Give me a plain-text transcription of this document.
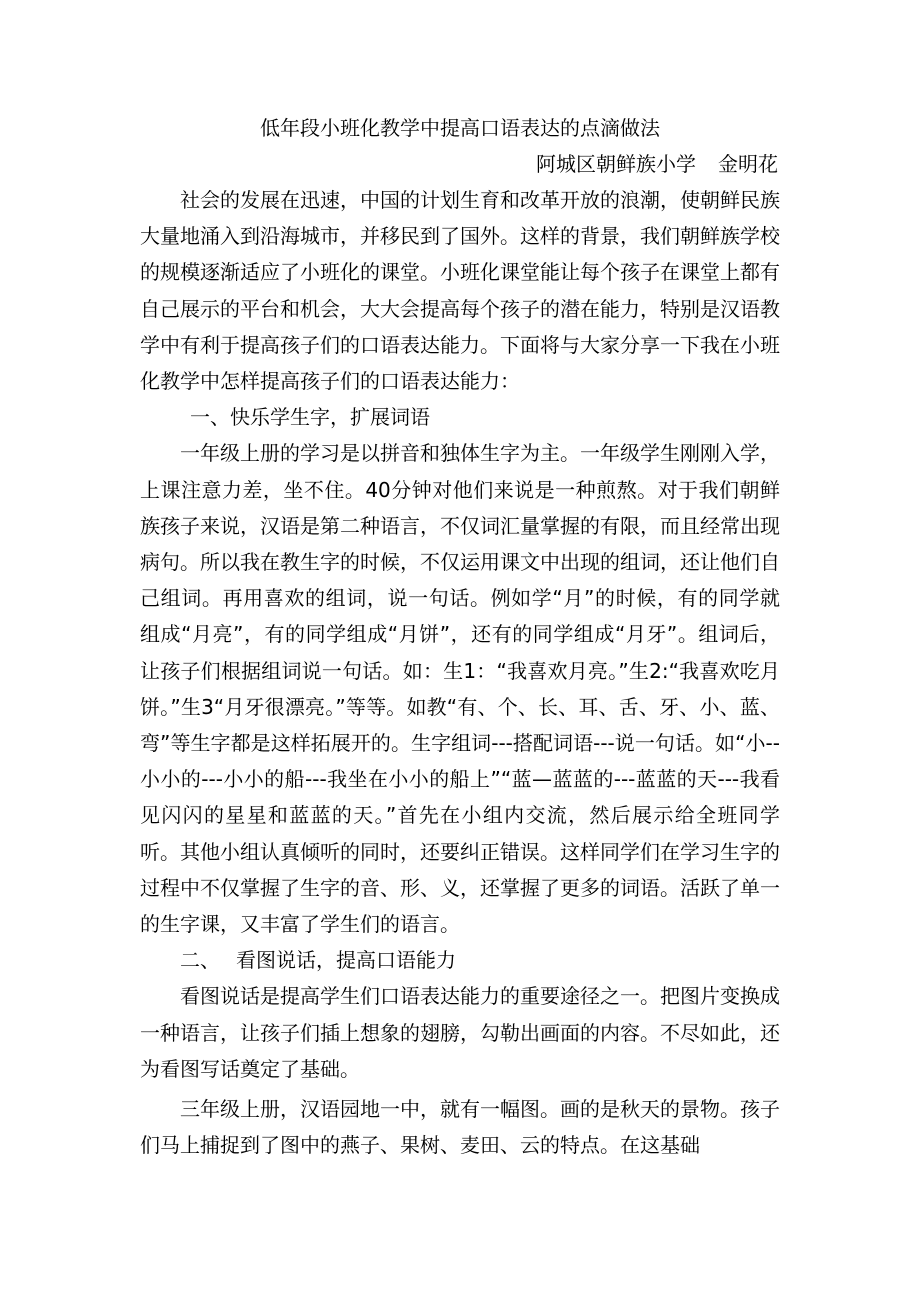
低年段小班化教学中提高口语表达的点滴做法
阿城区朝鲜族小学 金明花

社会的发展在迅速，中国的计划生育和改革开放的浪潮，使朝鲜民族大量地涌入到沿海城市，并移民到了国外。这样的背景，我们朝鲜族学校的规模逐渐适应了小班化的课堂。小班化课堂能让每个孩子在课堂上都有自己展示的平台和机会，大大会提高每个孩子的潜在能力，特别是汉语教学中有利于提高孩子们的口语表达能力。下面将与大家分享一下我在小班化教学中怎样提高孩子们的口语表达能力：

一、快乐学生字，扩展词语

一年级上册的学习是以拼音和独体生字为主。一年级学生刚刚入学，上课注意力差，坐不住。40分钟对他们来说是一种煎熬。对于我们朝鲜族孩子来说，汉语是第二种语言，不仅词汇量掌握的有限，而且经常出现病句。所以我在教生字的时候，不仅运用课文中出现的组词，还让他们自己组词。再用喜欢的组词，说一句话。例如学“月”的时候，有的同学就组成“月亮”，有的同学组成“月饼”，还有的同学组成“月牙”。组词后，让孩子们根据组词说一句话。如：生1：“我喜欢月亮。”生2:“我喜欢吃月饼。”生3“月牙很漂亮。”等等。如教“有、个、长、耳、舌、牙、小、蓝、弯”等生字都是这样拓展开的。生字组词---搭配词语---说一句话。如“小--小小的---小小的船---我坐在小小的船上”“蓝—蓝蓝的---蓝蓝的天---我看见闪闪的星星和蓝蓝的天。”首先在小组内交流，然后展示给全班同学听。其他小组认真倾听的同时，还要纠正错误。这样同学们在学习生字的过程中不仅掌握了生字的音、形、义，还掌握了更多的词语。活跃了单一的生字课，又丰富了学生们的语言。

二、 看图说话，提高口语能力

看图说话是提高学生们口语表达能力的重要途径之一。把图片变换成一种语言，让孩子们插上想象的翅膀，勾勒出画面的内容。不尽如此，还为看图写话奠定了基础。

三年级上册，汉语园地一中，就有一幅图。画的是秋天的景物。孩子们马上捕捉到了图中的燕子、果树、麦田、云的特点。在这基础
